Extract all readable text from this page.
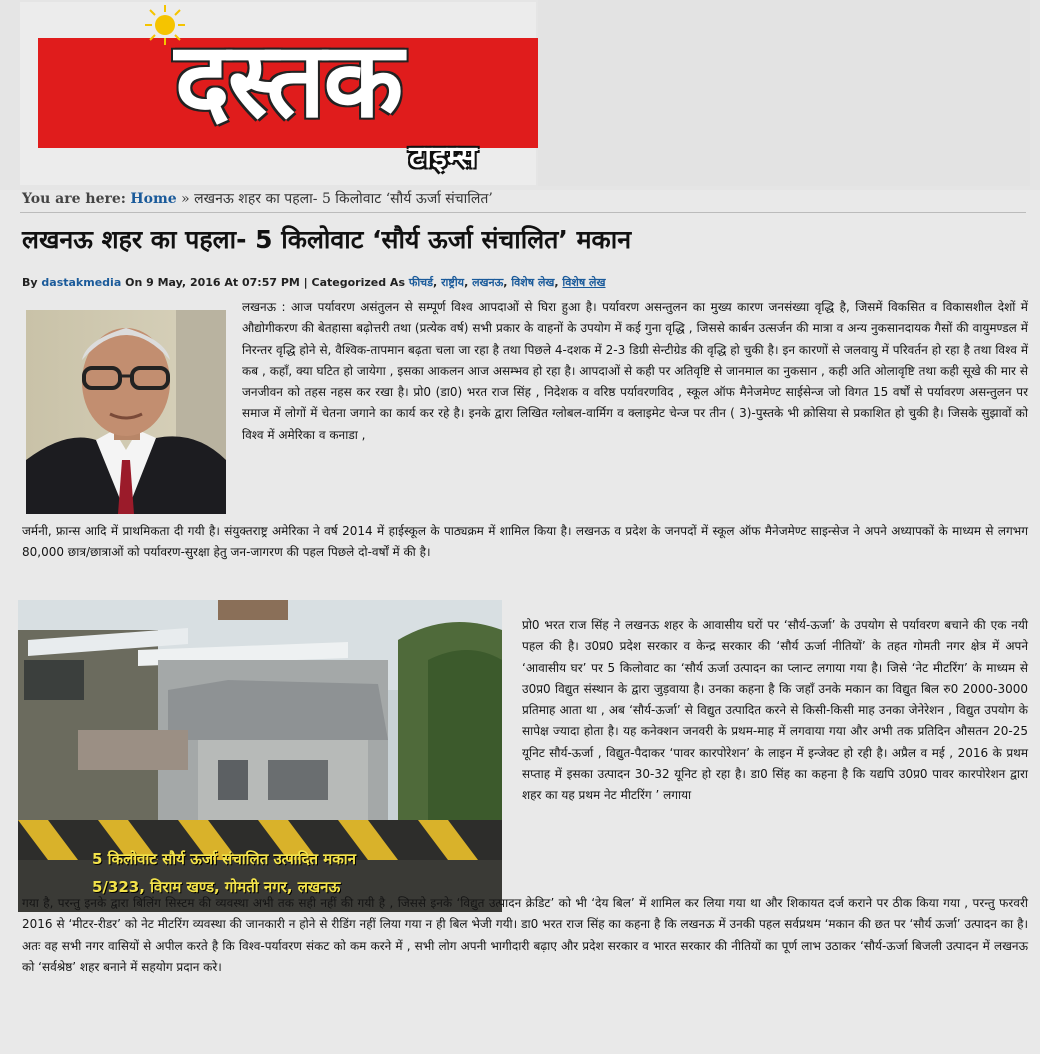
दस्तक
टाइम्स
You are here: Home » लखनऊ शहर का पहला- 5 किलोवाट ‘सौर्य ऊर्जा संचालित’
लखनऊ शहर का पहला- 5 किलोवाट ‘सौर्य ऊर्जा संचालित’ मकान
By dastakmedia On 9 May, 2016 At 07:57 PM | Categorized As फीचर्ड, राष्ट्रीय, लखनऊ, विशेष लेख, विशेष लेख

लखनऊ : आज पर्यावरण असंतुलन से सम्पूर्ण विश्व आपदाओं से घिरा हुआ है। पर्यावरण असन्तुलन का मुख्य कारण जनसंख्या वृद्धि है, जिसमें विकसित व विकासशील देशों में औद्योगीकरण की बेतहासा बढ़ोत्तरी तथा (प्रत्येक वर्ष) सभी प्रकार के वाहनों के उपयोग में कई गुना वृद्धि , जिससे कार्बन उत्सर्जन की मात्रा व अन्य नुकसानदायक गैसों की वायुमण्डल में निरन्तर वृद्धि होने से, वैश्विक-तापमान बढ़ता चला जा रहा है तथा पिछले 4-दशक में 2-3 डिग्री सेन्टीग्रेड की वृद्धि हो चुकी है। इन कारणों से जलवायु में परिवर्तन हो रहा है तथा विश्व में कब , कहाँ, क्या घटित हो जायेगा , इसका आकलन आज असम्भव हो रहा है। आपदाओं से कही पर अतिवृष्टि से जानमाल का नुकसान , कही अति ओलावृष्टि तथा कही सूखे की मार से जनजीवन को तहस नहस कर रखा है। प्रो0 (डा0) भरत राज सिंह , निदेशक व वरिष्ठ पर्यावरणविद , स्कूल ऑफ मैनेजमेण्ट साईसेन्ज जो विगत 15 वर्षों से पर्यावरण असन्तुलन पर समाज में लोगों में चेतना जगाने का कार्य कर रहे है। इनके द्वारा लिखित ग्लोबल-वार्मिग व क्लाइमेट चेन्ज पर तीन ( 3)-पुस्तके भी क्रोसिया से प्रकाशित हो चुकी है। जिसके सुझावों को विश्व में अमेरिका व कनाडा ,

जर्मनी, फ्रान्स आदि में प्राथमिकता दी गयी है। संयुक्तराष्ट्र अमेरिका ने वर्ष 2014 में हाईस्कूल के पाठ्यक्रम में शामिल किया है। लखनऊ व प्रदेश के जनपदों में स्कूल ऑफ मैनेजमेण्ट साइन्सेज ने अपने अध्यापकों के माध्यम से लगभग 80,000 छात्र/छात्राओं को पर्यावरण-सुरक्षा हेतु जन-जागरण की पहल पिछले दो-वर्षों में की है।

5 किलोवाट सौर्य ऊर्जा संचालित उत्पादित मकान
5/323, विराम खण्ड, गोमती नगर, लखनऊ

प्रो0 भरत राज सिंह ने लखनऊ शहर के आवासीय घरों पर ‘सौर्य-ऊर्जा’ के उपयोग से पर्यावरण बचाने की एक नयी पहल की है। उ0प्र0 प्रदेश सरकार व केन्द्र सरकार की ‘सौर्य ऊर्जा नीतियों’ के तहत गोमती नगर क्षेत्र में अपने ‘आवासीय घर’ पर 5 किलोवाट का ‘सौर्य ऊर्जा उत्पादन का प्लान्ट लगाया गया है। जिसे ‘नेट मीटरिंग’ के माध्यम से उ0प्र0 विद्युत संस्थान के द्वारा जुड़वाया है। उनका कहना है कि जहाँ उनके मकान का विद्युत बिल रु0 2000-3000 प्रतिमाह आता था , अब ‘सौर्य-ऊर्जा’ से विद्युत उत्पादित करने से किसी-किसी माह उनका जेनेरेशन , विद्युत उपयोग के सापेक्ष ज्यादा होता है। यह कनेक्शन जनवरी के प्रथम-माह में लगवाया गया और अभी तक प्रतिदिन औसतन 20-25 यूनिट सौर्य-ऊर्जा , विद्युत-पैदाकर ‘पावर कारपोरेशन’ के लाइन में इन्जेक्ट हो रही है। अप्रैल व मई , 2016 के प्रथम सप्ताह में इसका उत्पादन 30-32 यूनिट हो रहा है। डा0 सिंह का कहना है कि यद्यपि उ0प्र0 पावर कारपोरेशन द्वारा शहर का यह प्रथम नेट मीटरिंग ’ लगाया

गया है, परन्तु इनके द्वारा बिलिंग सिस्टम की व्यवस्था अभी तक सही नहीं की गयी है , जिससे इनके ‘विद्युत उत्पादन क्रेडिट’ को भी ‘देय बिल’ में शामिल कर लिया गया था और शिकायत दर्ज कराने पर ठीक किया गया , परन्तु फरवरी 2016 से ‘मीटर-रीडर’ को नेट मीटरिंग व्यवस्था की जानकारी न होने से रीडिंग नहीं लिया गया न ही बिल भेजी गयी। डा0 भरत राज सिंह का कहना है कि लखनऊ में उनकी पहल सर्वप्रथम ‘मकान की छत पर ‘सौर्य ऊर्जा’ उत्पादन का है। अतः वह सभी नगर वासियों से अपील करते है कि विश्व-पर्यावरण संकट को कम करने में , सभी लोग अपनी भागीदारी बढ़ाए और प्रदेश सरकार व भारत सरकार की नीतियों का पूर्ण लाभ उठाकर ‘सौर्य-ऊर्जा बिजली उत्पादन में लखनऊ को ‘सर्वश्रेष्ठ’ शहर बनाने में सहयोग प्रदान करे।
